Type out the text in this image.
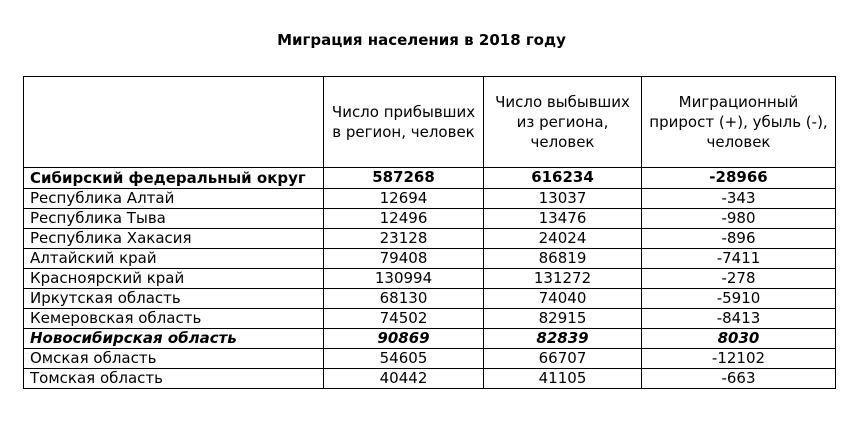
Миграция населения в 2018 году
	Число прибывших в регион, человек	Число выбывших из региона, человек	Миграционный прирост (+), убыль (-), человек
Сибирский федеральный округ	587268	616234	-28966
Республика Алтай	12694	13037	-343
Республика Тыва	12496	13476	-980
Республика Хакасия	23128	24024	-896
Алтайский край	79408	86819	-7411
Красноярский край	130994	131272	-278
Иркутская область	68130	74040	-5910
Кемеровская область	74502	82915	-8413
Новосибирская область	90869	82839	8030
Омская область	54605	66707	-12102
Томская область	40442	41105	-663
